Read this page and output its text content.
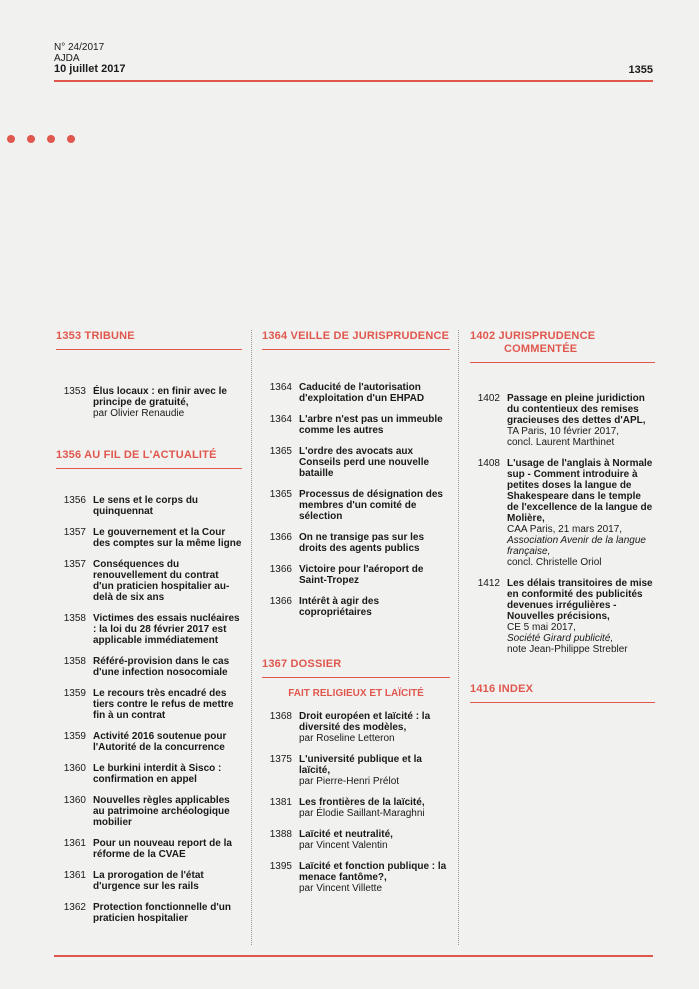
N° 24/2017
AJDA
10 juillet 2017	1355
1353 TRIBUNE
1353 Élus locaux : en finir avec le principe de gratuité,
par Olivier Renaudie
1356 AU FIL DE L'ACTUALITÉ
1356 Le sens et le corps du quinquennat
1357 Le gouvernement et la Cour des comptes sur la même ligne
1357 Conséquences du renouvellement du contrat d'un praticien hospitalier au-delà de six ans
1358 Victimes des essais nucléaires : la loi du 28 février 2017 est applicable immédiatement
1358 Référé-provision dans le cas d'une infection nosocomiale
1359 Le recours très encadré des tiers contre le refus de mettre fin à un contrat
1359 Activité 2016 soutenue pour l'Autorité de la concurrence
1360 Le burkini interdit à Sisco : confirmation en appel
1360 Nouvelles règles applicables au patrimoine archéologique mobilier
1361 Pour un nouveau report de la réforme de la CVAE
1361 La prorogation de l'état d'urgence sur les rails
1362 Protection fonctionnelle d'un praticien hospitalier
1364 VEILLE DE JURISPRUDENCE
1364 Caducité de l'autorisation d'exploitation d'un EHPAD
1364 L'arbre n'est pas un immeuble comme les autres
1365 L'ordre des avocats aux Conseils perd une nouvelle bataille
1365 Processus de désignation des membres d'un comité de sélection
1366 On ne transige pas sur les droits des agents publics
1366 Victoire pour l'aéroport de Saint-Tropez
1366 Intérêt à agir des copropriétaires
1367 DOSSIER
FAIT RELIGIEUX ET LAÏCITÉ
1368 Droit européen et laïcité : la diversité des modèles,
par Roseline Letteron
1375 L'université publique et la laïcité,
par Pierre-Henri Prélot
1381 Les frontières de la laïcité,
par Élodie Saillant-Maraghni
1388 Laïcité et neutralité,
par Vincent Valentin
1395 Laïcité et fonction publique : la menace fantôme?,
par Vincent Villette
1402 JURISPRUDENCE
COMMENTÉE
1402 Passage en pleine juridiction du contentieux des remises gracieuses des dettes d'APL,
TA Paris, 10 février 2017,
concl. Laurent Marthinet
1408 L'usage de l'anglais à Normale sup - Comment introduire à petites doses la langue de Shakespeare dans le temple de l'excellence de la langue de Molière,
CAA Paris, 21 mars 2017,
Association Avenir de la langue française,
concl. Christelle Oriol
1412 Les délais transitoires de mise en conformité des publicités devenues irrégulières - Nouvelles précisions,
CE 5 mai 2017,
Société Girard publicité,
note Jean-Philippe Strebler
1416 INDEX
